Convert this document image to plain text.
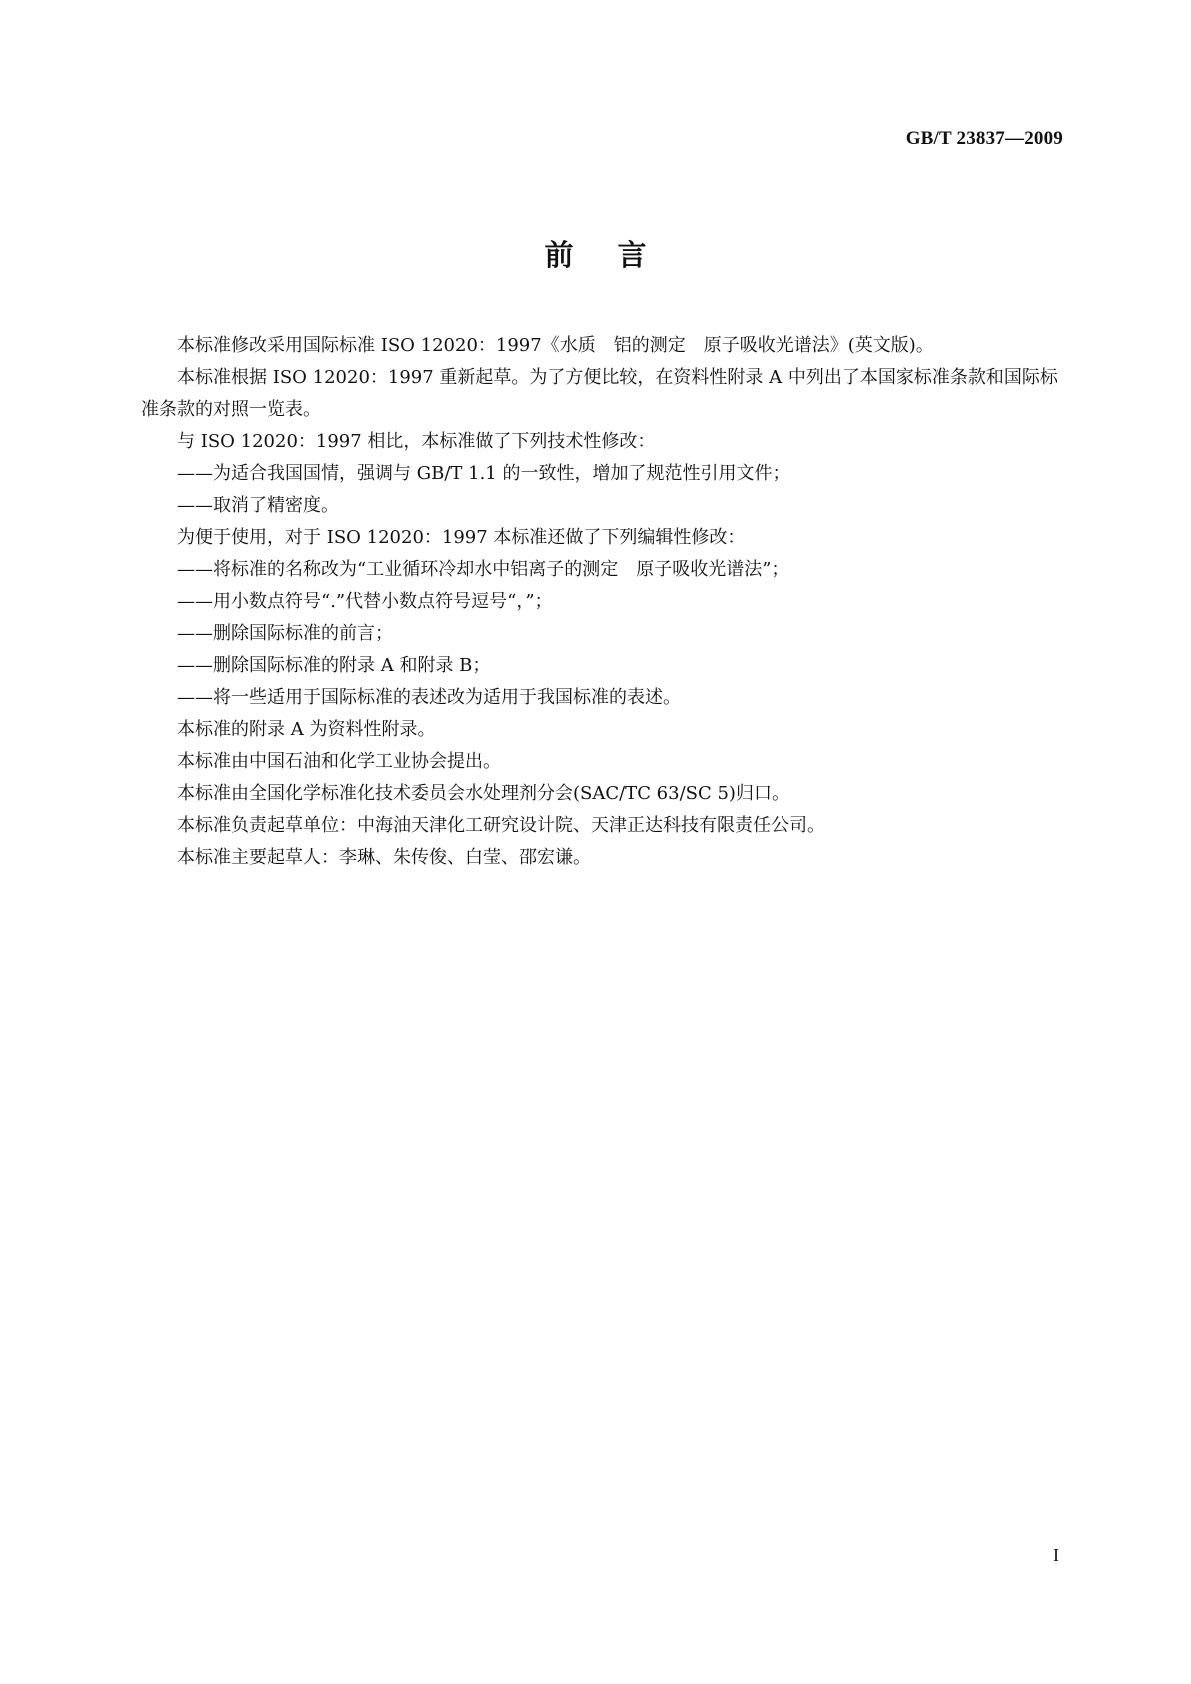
GB/T 23837—2009
前言

本标准修改采用国际标准 ISO 12020：1997《水质　铝的测定　原子吸收光谱法》(英文版)。

本标准根据 ISO 12020：1997 重新起草。为了方便比较，在资料性附录 A 中列出了本国家标准条款和国际标准条款的对照一览表。

与 ISO 12020：1997 相比，本标准做了下列技术性修改：

——为适合我国国情，强调与 GB/T 1.1 的一致性，增加了规范性引用文件；

——取消了精密度。

为便于使用，对于 ISO 12020：1997 本标准还做了下列编辑性修改：

——将标准的名称改为“工业循环冷却水中铝离子的测定　原子吸收光谱法”；

——用小数点符号“.”代替小数点符号逗号“，”；

——删除国际标准的前言；

——删除国际标准的附录 A 和附录 B；

——将一些适用于国际标准的表述改为适用于我国标准的表述。

本标准的附录 A 为资料性附录。

本标准由中国石油和化学工业协会提出。

本标准由全国化学标准化技术委员会水处理剂分会(SAC/TC 63/SC 5)归口。

本标准负责起草单位：中海油天津化工研究设计院、天津正达科技有限责任公司。

本标准主要起草人：李琳、朱传俊、白莹、邵宏谦。

I
